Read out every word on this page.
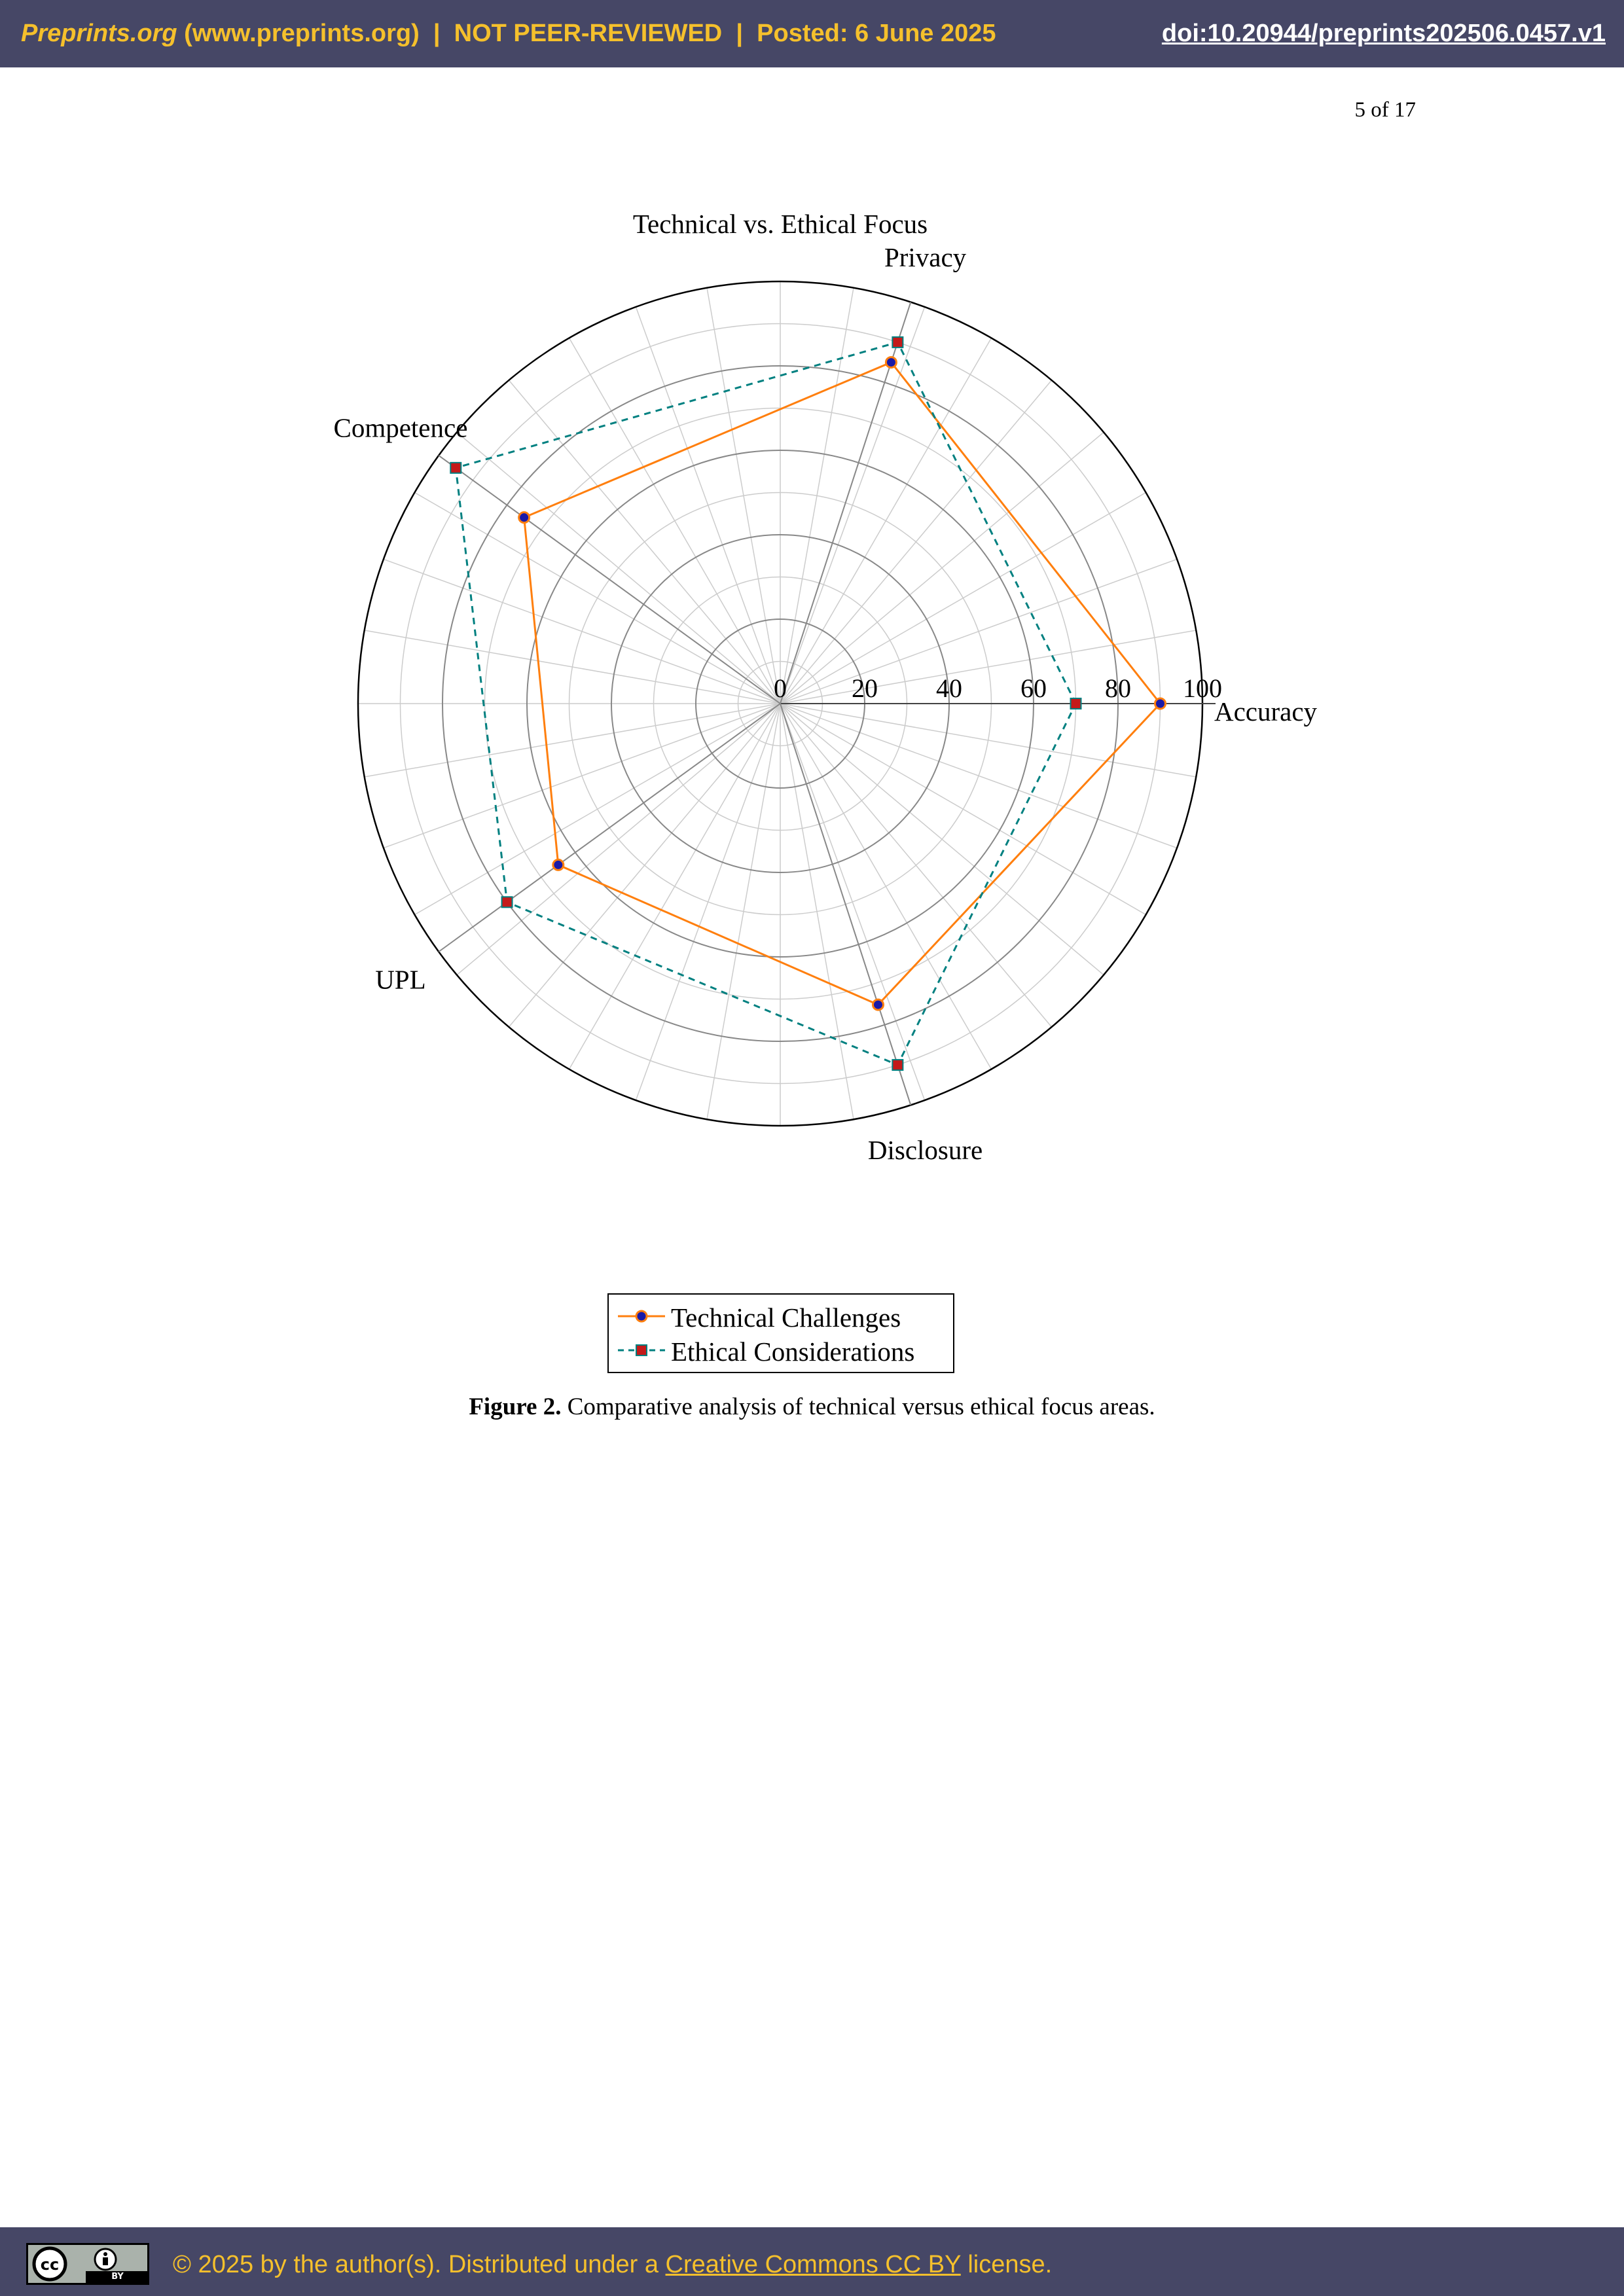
Preprints.org (www.preprints.org) | NOT PEER-REVIEWED | Posted: 6 June 2025	doi:10.20944/preprints202506.0457.v1
5 of 17
Technical vs. Ethical Focus
0 20 40 60 80 100
Accuracy
Privacy
Competence
UPL
Disclosure
Technical Challenges
Ethical Considerations
Figure 2. Comparative analysis of technical versus ethical focus areas.
cc
BY	© 2025 by the author(s). Distributed under a Creative Commons CC BY license.
